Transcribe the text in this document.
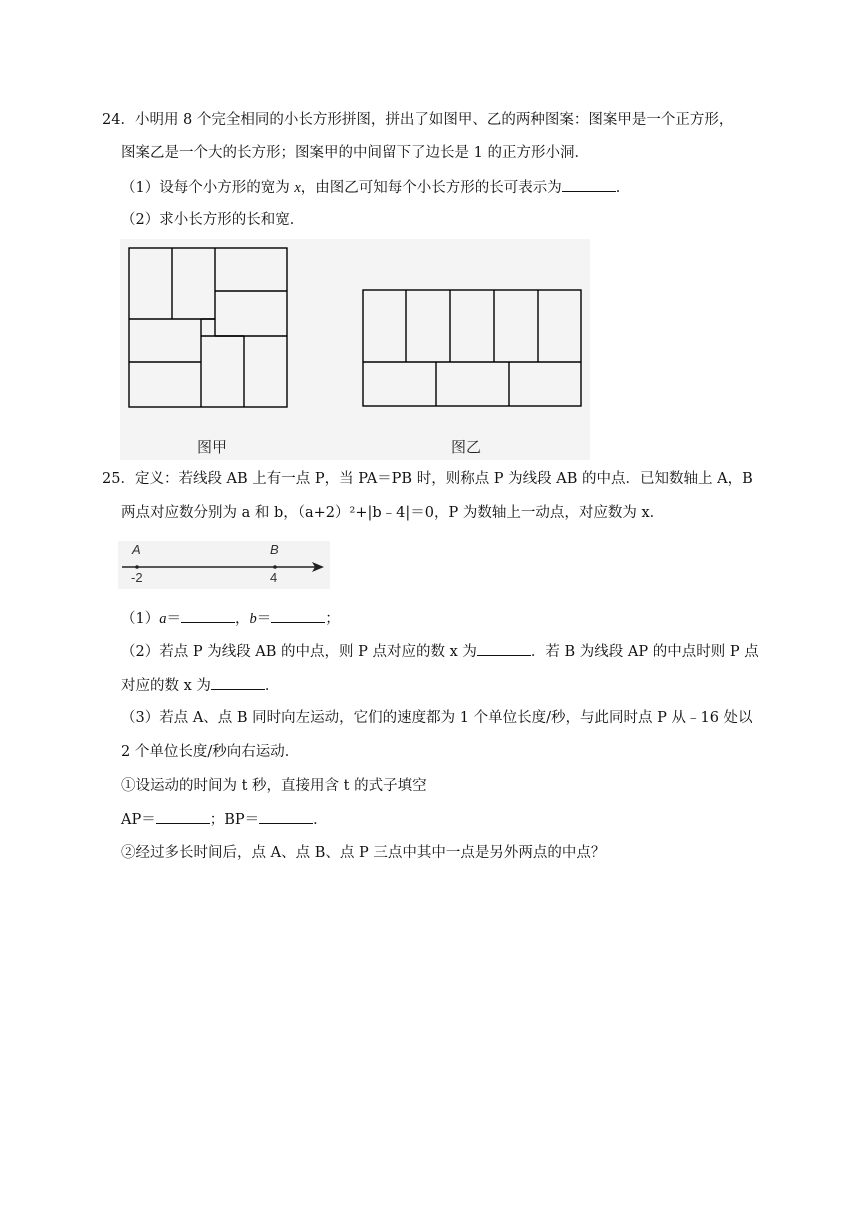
24．小明用 8 个完全相同的小长方形拼图，拼出了如图甲、乙的两种图案：图案甲是一个正方形，
图案乙是一个大的长方形；图案甲的中间留下了边长是 1 的正方形小洞．
（1）设每个小方形的宽为 x，由图乙可知每个小长方形的长可表示为	．
（2）求小长方形的长和宽．
图甲	图乙
25．定义：若线段 AB 上有一点 P，当 PA＝PB 时，则称点 P 为线段 AB 的中点．已知数轴上 A，B
两点对应数分别为 a 和 b，（a+2）²+|b﹣4|＝0，P 为数轴上一动点，对应数为 x．
A	B
-2	4
（1）a＝	，b＝	；
（2）若点 P 为线段 AB 的中点，则 P 点对应的数 x 为	．若 B 为线段 AP 的中点时则 P 点
对应的数 x 为	．
（3）若点 A、点 B 同时向左运动，它们的速度都为 1 个单位长度/秒，与此同时点 P 从﹣16 处以
2 个单位长度/秒向右运动．
①设运动的时间为 t 秒，直接用含 t 的式子填空
AP＝	；BP＝	．
②经过多长时间后，点 A、点 B、点 P 三点中其中一点是另外两点的中点？
